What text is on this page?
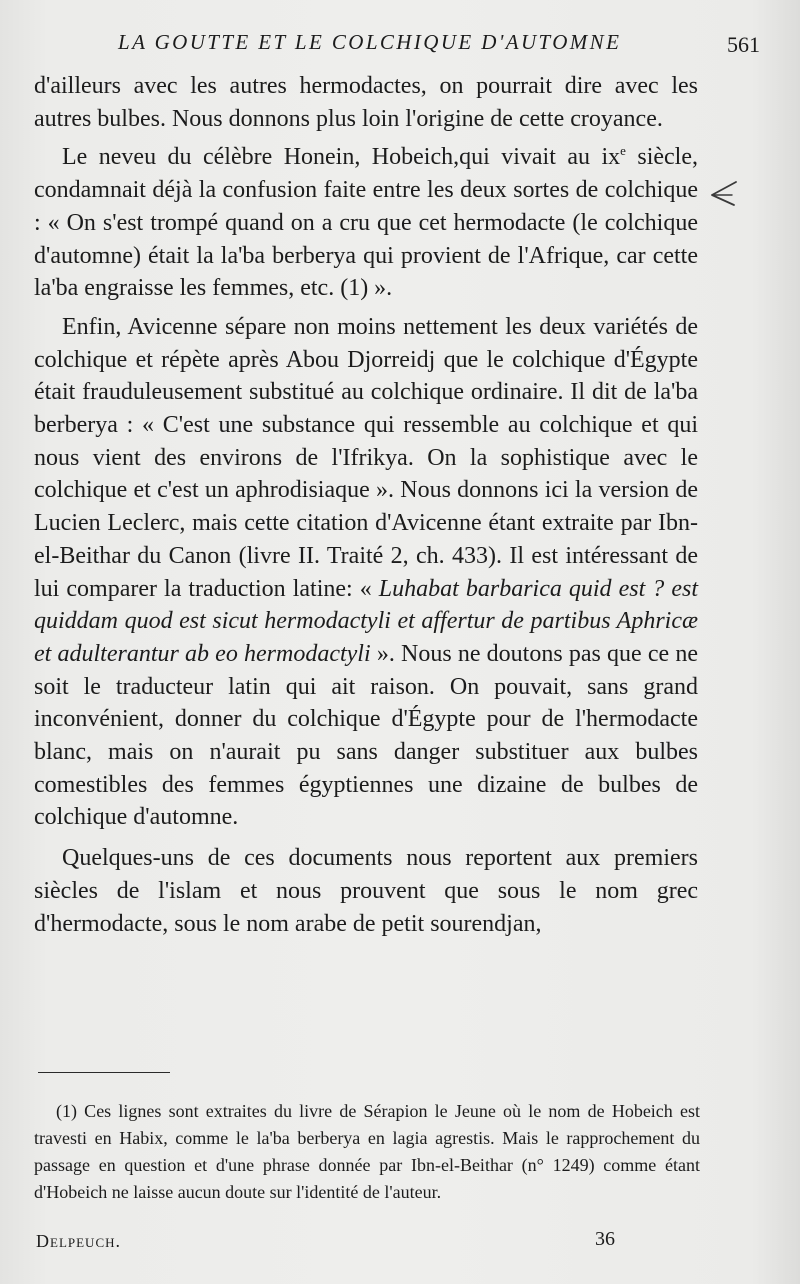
LA GOUTTE ET LE COLCHIQUE D'AUTOMNE	561

d'ailleurs avec les autres hermodactes, on pourrait dire avec les autres bulbes. Nous donnons plus loin l'origine de cette croyance.

Le neveu du célèbre Honein, Hobeich,qui vivait au $ix^e$ siècle, condamnait déjà la confusion faite entre les deux sortes de colchique : « On s'est trompé quand on a cru que cet hermodacte (le colchique d'automne) était la la'ba berberya qui provient de l'Afrique, car cette la'ba engraisse les femmes, etc. (1) ».

Enfin, Avicenne sépare non moins nettement les deux variétés de colchique et répète après Abou Djorreidj que le colchique d'Égypte était frauduleusement substitué au colchique ordinaire. Il dit de la'ba berberya : « C'est une substance qui ressemble au colchique et qui nous vient des environs de l'Ifrikya. On la sophistique avec le colchique et c'est un aphrodisiaque ». Nous donnons ici la version de Lucien Leclerc, mais cette citation d'Avicenne étant extraite par Ibn-el-Beithar du Canon (livre II. Traité 2, ch. 433). Il est intéressant de lui comparer la traduction latine: « Luhabat barbarica quid est ? est quiddam quod est sicut hermodactyli et affertur de partibus Aphricæ et adulterantur ab eo hermodactyli ». Nous ne doutons pas que ce ne soit le traducteur latin qui ait raison. On pouvait, sans grand inconvénient, donner du colchique d'Égypte pour de l'hermodacte blanc, mais on n'aurait pu sans danger substituer aux bulbes comestibles des femmes égyptiennes une dizaine de bulbes de colchique d'automne.

Quelques-uns de ces documents nous reportent aux premiers siècles de l'islam et nous prouvent que sous le nom grec d'hermodacte, sous le nom arabe de petit sourendjan,

(1) Ces lignes sont extraites du livre de Sérapion le Jeune où le nom de Hobeich est travesti en Habix, comme le la'ba berberya en lagia agrestis. Mais le rapprochement du passage en question et d'une phrase donnée par Ibn-el-Beithar (n° 1249) comme étant d'Hobeich ne laisse aucun doute sur l'identité de l'auteur.

Delpeuch.	36
